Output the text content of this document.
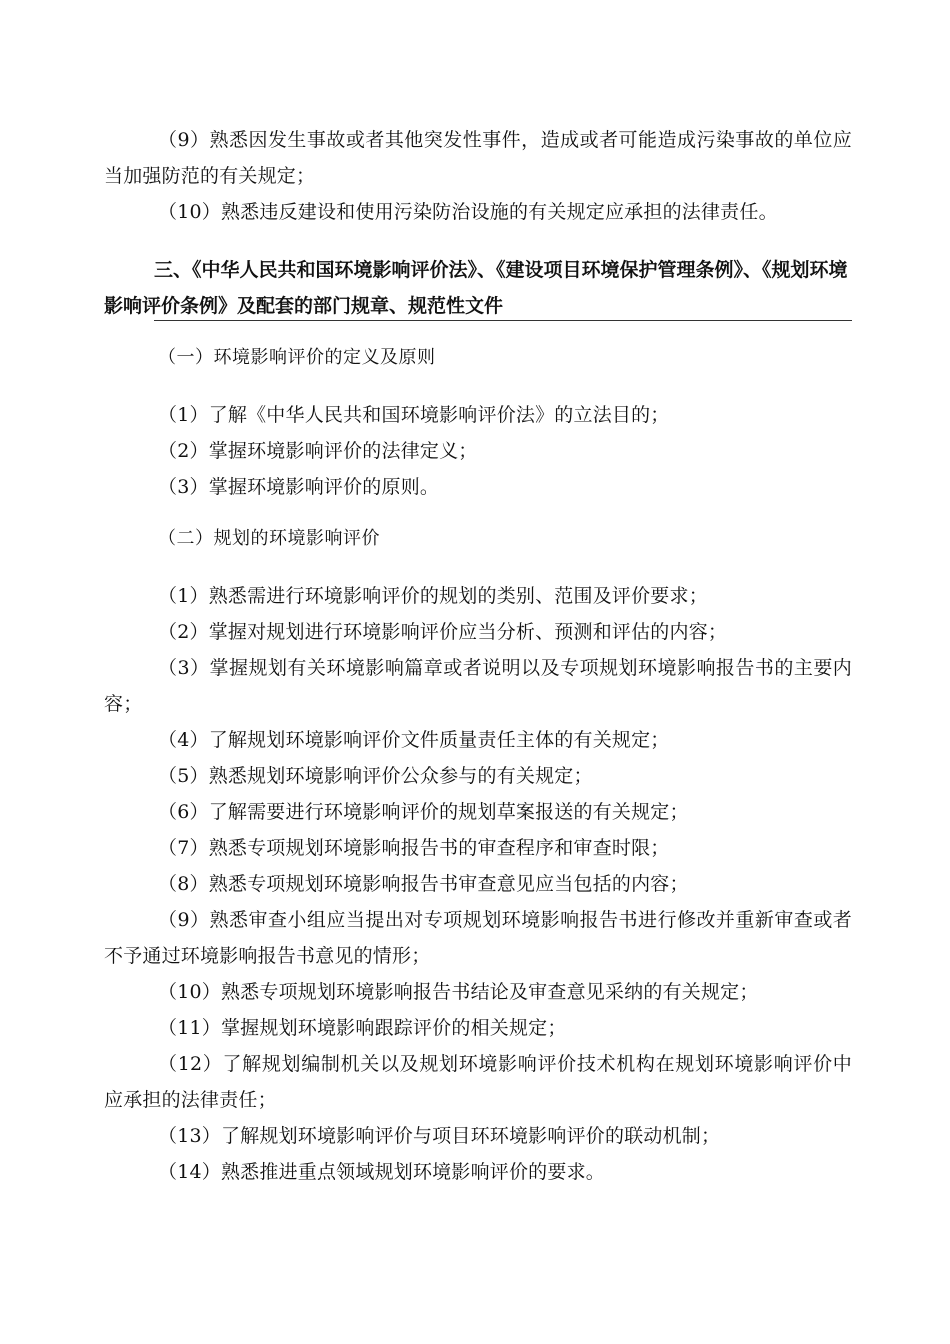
（9）熟悉因发生事故或者其他突发性事件，造成或者可能造成污染事故的单位应当加强防范的有关规定；

（10）熟悉违反建设和使用污染防治设施的有关规定应承担的法律责任。

三、《中华人民共和国环境影响评价法》、《建设项目环境保护管理条例》、《规划环境影响评价条例》及配套的部门规章、规范性文件
（一）环境影响评价的定义及原则

（1）了解《中华人民共和国环境影响评价法》的立法目的；

（2）掌握环境影响评价的法律定义；

（3）掌握环境影响评价的原则。

（二）规划的环境影响评价

（1）熟悉需进行环境影响评价的规划的类别、范围及评价要求；

（2）掌握对规划进行环境影响评价应当分析、预测和评估的内容；

（3）掌握规划有关环境影响篇章或者说明以及专项规划环境影响报告书的主要内容；

（4）了解规划环境影响评价文件质量责任主体的有关规定；

（5）熟悉规划环境影响评价公众参与的有关规定；

（6）了解需要进行环境影响评价的规划草案报送的有关规定；

（7）熟悉专项规划环境影响报告书的审查程序和审查时限；

（8）熟悉专项规划环境影响报告书审查意见应当包括的内容；

（9）熟悉审查小组应当提出对专项规划环境影响报告书进行修改并重新审查或者不予通过环境影响报告书意见的情形；

（10）熟悉专项规划环境影响报告书结论及审查意见采纳的有关规定；

（11）掌握规划环境影响跟踪评价的相关规定；

（12）了解规划编制机关以及规划环境影响评价技术机构在规划环境影响评价中应承担的法律责任；

（13）了解规划环境影响评价与项目环环境影响评价的联动机制；

（14）熟悉推进重点领域规划环境影响评价的要求。
